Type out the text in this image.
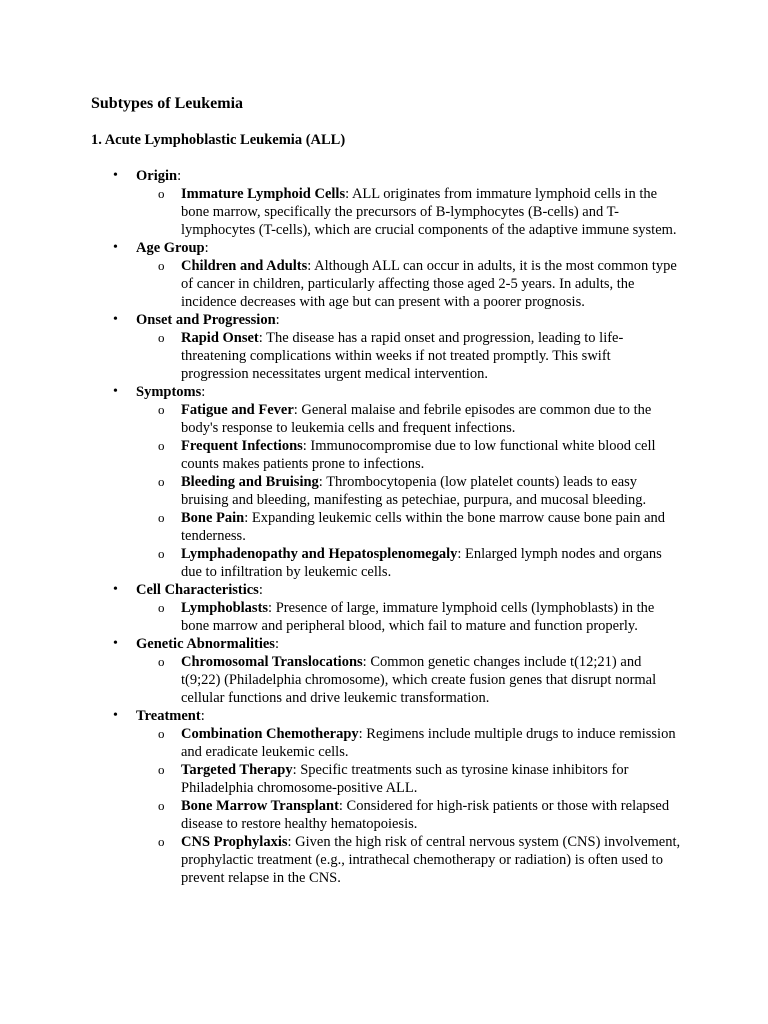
Subtypes of Leukemia
1. Acute Lymphoblastic Leukemia (ALL)
•	Origin:
o Immature Lymphoid Cells: ALL originates from immature lymphoid cells in the bone marrow, specifically the precursors of B-lymphocytes (B-cells) and T-lymphocytes (T-cells), which are crucial components of the adaptive immune system.
•	Age Group:
o Children and Adults: Although ALL can occur in adults, it is the most common type of cancer in children, particularly affecting those aged 2-5 years. In adults, the incidence decreases with age but can present with a poorer prognosis.
•	Onset and Progression:
o Rapid Onset: The disease has a rapid onset and progression, leading to life-threatening complications within weeks if not treated promptly. This swift progression necessitates urgent medical intervention.
•	Symptoms:
o Fatigue and Fever: General malaise and febrile episodes are common due to the body's response to leukemia cells and frequent infections.
o Frequent Infections: Immunocompromise due to low functional white blood cell counts makes patients prone to infections.
o Bleeding and Bruising: Thrombocytopenia (low platelet counts) leads to easy bruising and bleeding, manifesting as petechiae, purpura, and mucosal bleeding.
o Bone Pain: Expanding leukemic cells within the bone marrow cause bone pain and tenderness.
o Lymphadenopathy and Hepatosplenomegaly: Enlarged lymph nodes and organs due to infiltration by leukemic cells.
•	Cell Characteristics:
o Lymphoblasts: Presence of large, immature lymphoid cells (lymphoblasts) in the bone marrow and peripheral blood, which fail to mature and function properly.
•	Genetic Abnormalities:
o Chromosomal Translocations: Common genetic changes include t(12;21) and t(9;22) (Philadelphia chromosome), which create fusion genes that disrupt normal cellular functions and drive leukemic transformation.
•	Treatment:
o Combination Chemotherapy: Regimens include multiple drugs to induce remission and eradicate leukemic cells.
o Targeted Therapy: Specific treatments such as tyrosine kinase inhibitors for Philadelphia chromosome-positive ALL.
o Bone Marrow Transplant: Considered for high-risk patients or those with relapsed disease to restore healthy hematopoiesis.
o CNS Prophylaxis: Given the high risk of central nervous system (CNS) involvement, prophylactic treatment (e.g., intrathecal chemotherapy or radiation) is often used to prevent relapse in the CNS.
